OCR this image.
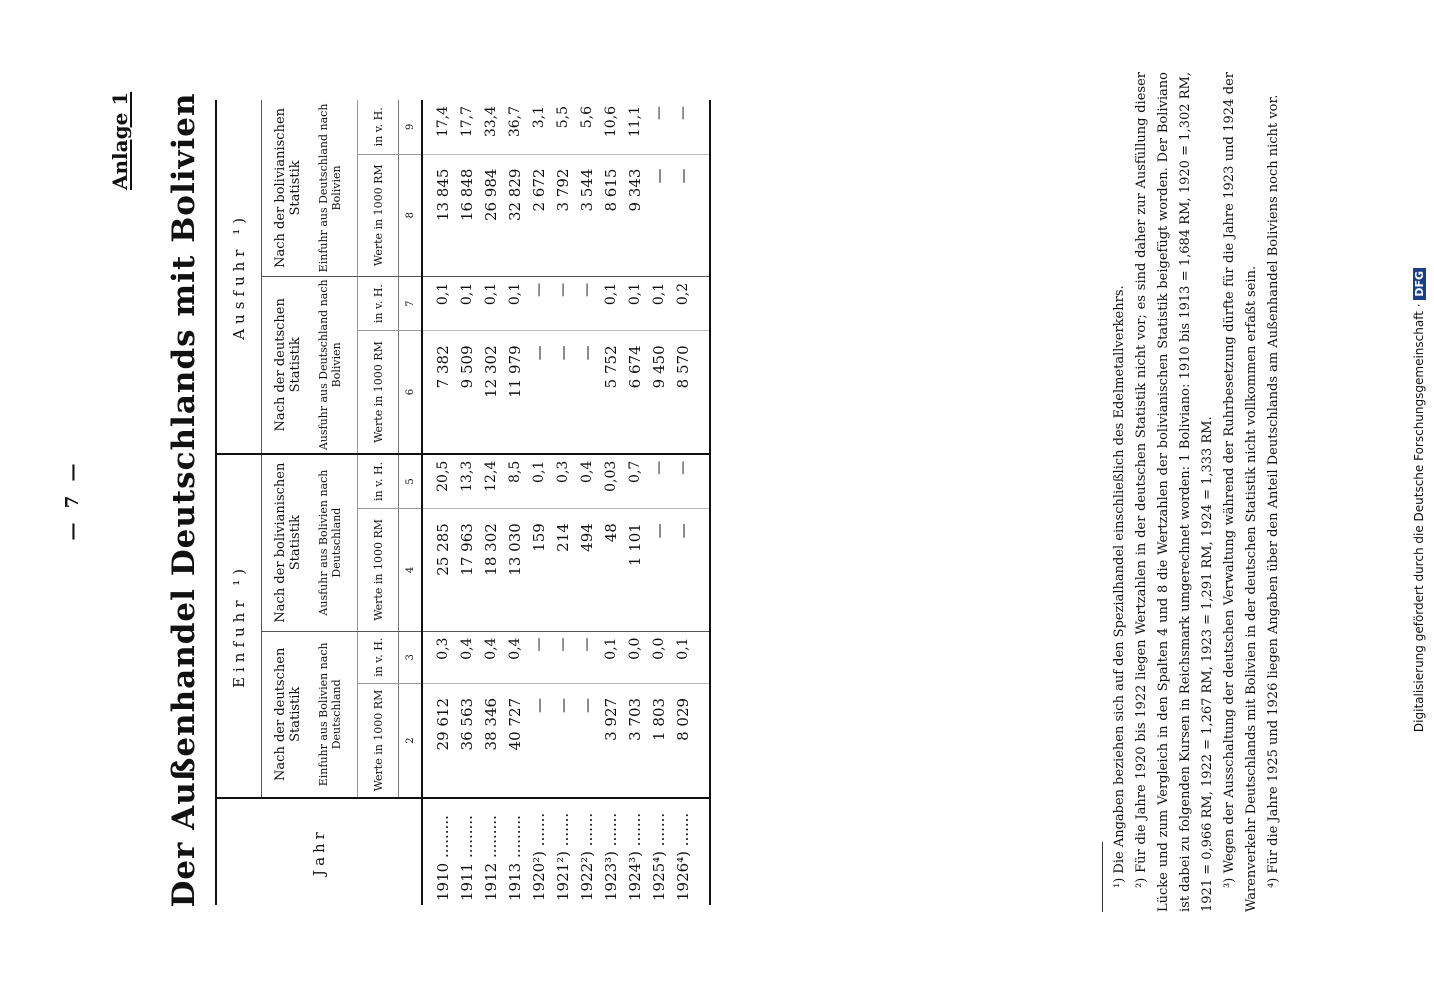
— 7 —
Anlage 1 Der Außenhandel Deutschlands mit Bolivien	Jahr	Einfuhr ¹)				Ausfuhr ¹)			
	Nach der deutschen Statistik		Nach der bolivianischen Statistik		Nach der deutschen Statistik		Nach der bolivianischen Statistik	
	Einfuhr aus Bolivien nach Deutschland		Ausfuhr aus Bolivien nach Deutschland		Ausfuhr aus Deutschland nach Bolivien		Einfuhr aus Deutschland nach Bolivien	
	Werte in 1000 RM	in v. H.	Werte in 1000 RM	in v. H.	Werte in 1000 RM	in v. H.	Werte in 1000 RM	in v. H.
	2	3	4	5	6	7	8	9
1910 .........	29 612	0,3	25 285	20,5	7 382	0,1	13 845	17,4
1911 .........	36 563	0,4	17 963	13,3	9 509	0,1	16 848	17,7
1912 .........	38 346	0,4	18 302	12,4	12 302	0,1	26 984	33,4
1913 .........	40 727	0,4	13 030	8,5	11 979	0,1	32 829	36,7
1920²) .......	—	—	159	0,1	—	—	2 672	3,1
1921²) .......	—	—	214	0,3	—	—	3 792	5,5
1922²) .......	—	—	494	0,4	—	—	3 544	5,6
1923³) .......	3 927	0,1	48	0,03	5 752	0,1	8 615	10,6
1924³) .......	3 703	0,0	1 101	0,7	6 674	0,1	9 343	11,1
1925⁴) .......	1 803	0,0	—	—	9 450	0,1	—	—
1926⁴) .......	8 029	0,1	—	—	8 570	0,2	—	—

¹) Die Angaben beziehen sich auf den Spezialhandel einschließlich des Edelmetallverkehrs. ²) Für die Jahre 1920 bis 1922 liegen Wertzahlen in der deutschen Statistik nicht vor; es sind daher zur Ausfüllung dieser Lücke und zum Vergleich in den Spalten 4 und 8 die Wertzahlen der bolivianischen Statistik beigefügt worden. Der Boliviano ist dabei zu folgenden Kursen in Reichsmark umgerechnet worden: 1 Boliviano: 1910 bis 1913 = 1,684 RM, 1920 = 1,302 RM, 1921 = 0,966 RM, 1922 = 1,267 RM, 1923 = 1,291 RM, 1924 = 1,333 RM. ³) Wegen der Ausschaltung der deutschen Verwaltung während der Ruhrbesetzung dürfte für die Jahre 1923 und 1924 der Warenverkehr Deutschlands mit Bolivien in der deutschen Statistik nicht vollkommen erfaßt sein. ⁴) Für die Jahre 1925 und 1926 liegen Angaben über den Anteil Deutschlands am Außenhandel Boliviens noch nicht vor.	Digitalisierung gefördert durch die Deutsche Forschungsgemeinschaft · DFG
